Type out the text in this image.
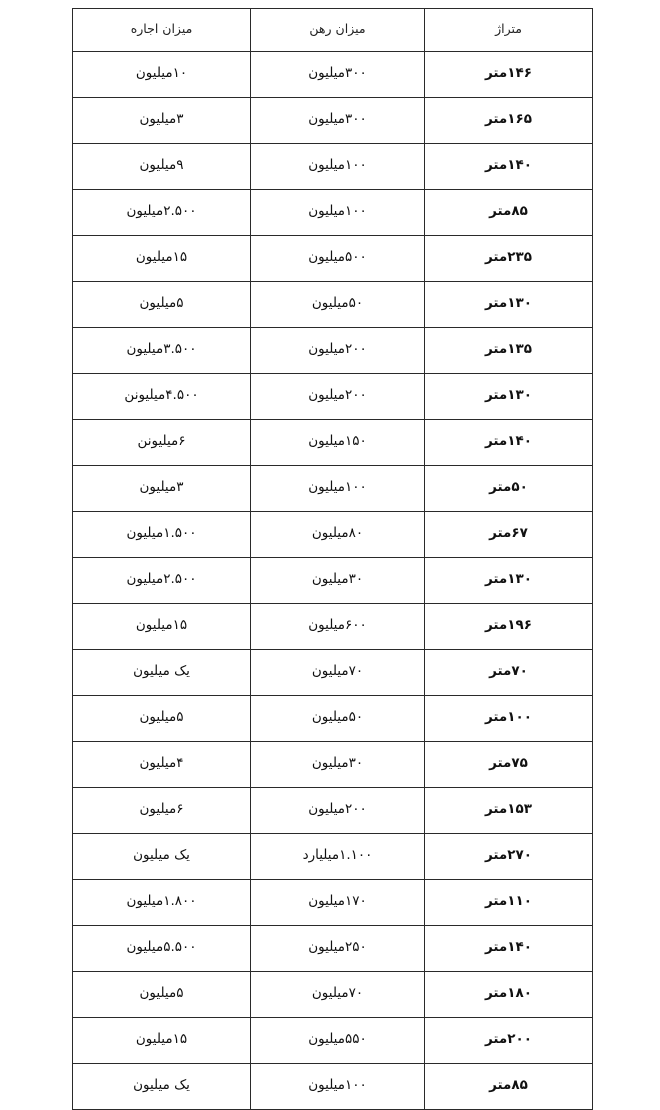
متراژ	میزان رهن	میزان اجاره
۱۴۶متر	۳۰۰میلیون	۱۰میلیون
۱۶۵متر	۳۰۰میلیون	۳میلیون
۱۴۰متر	۱۰۰میلیون	۹میلیون
۸۵متر	۱۰۰میلیون	۲.۵۰۰میلیون
۲۳۵متر	۵۰۰میلیون	۱۵میلیون
۱۳۰متر	۵۰میلیون	۵میلیون
۱۳۵متر	۲۰۰میلیون	۳.۵۰۰میلیون
۱۳۰متر	۲۰۰میلیون	۴.۵۰۰میلیونن
۱۴۰متر	۱۵۰میلیون	۶میلیونن
۵۰متر	۱۰۰میلیون	۳میلیون
۶۷متر	۸۰میلیون	۱.۵۰۰میلیون
۱۳۰متر	۳۰میلیون	۲.۵۰۰میلیون
۱۹۶متر	۶۰۰میلیون	۱۵میلیون
۷۰متر	۷۰میلیون	یک میلیون
۱۰۰متر	۵۰میلیون	۵میلیون
۷۵متر	۳۰میلیون	۴میلیون
۱۵۳متر	۲۰۰میلیون	۶میلیون
۲۷۰متر	۱.۱۰۰میلیارد	یک میلیون
۱۱۰متر	۱۷۰میلیون	۱.۸۰۰میلیون
۱۴۰متر	۲۵۰میلیون	۵.۵۰۰میلیون
۱۸۰متر	۷۰میلیون	۵میلیون
۲۰۰متر	۵۵۰میلیون	۱۵میلیون
۸۵متر	۱۰۰میلیون	یک میلیون
